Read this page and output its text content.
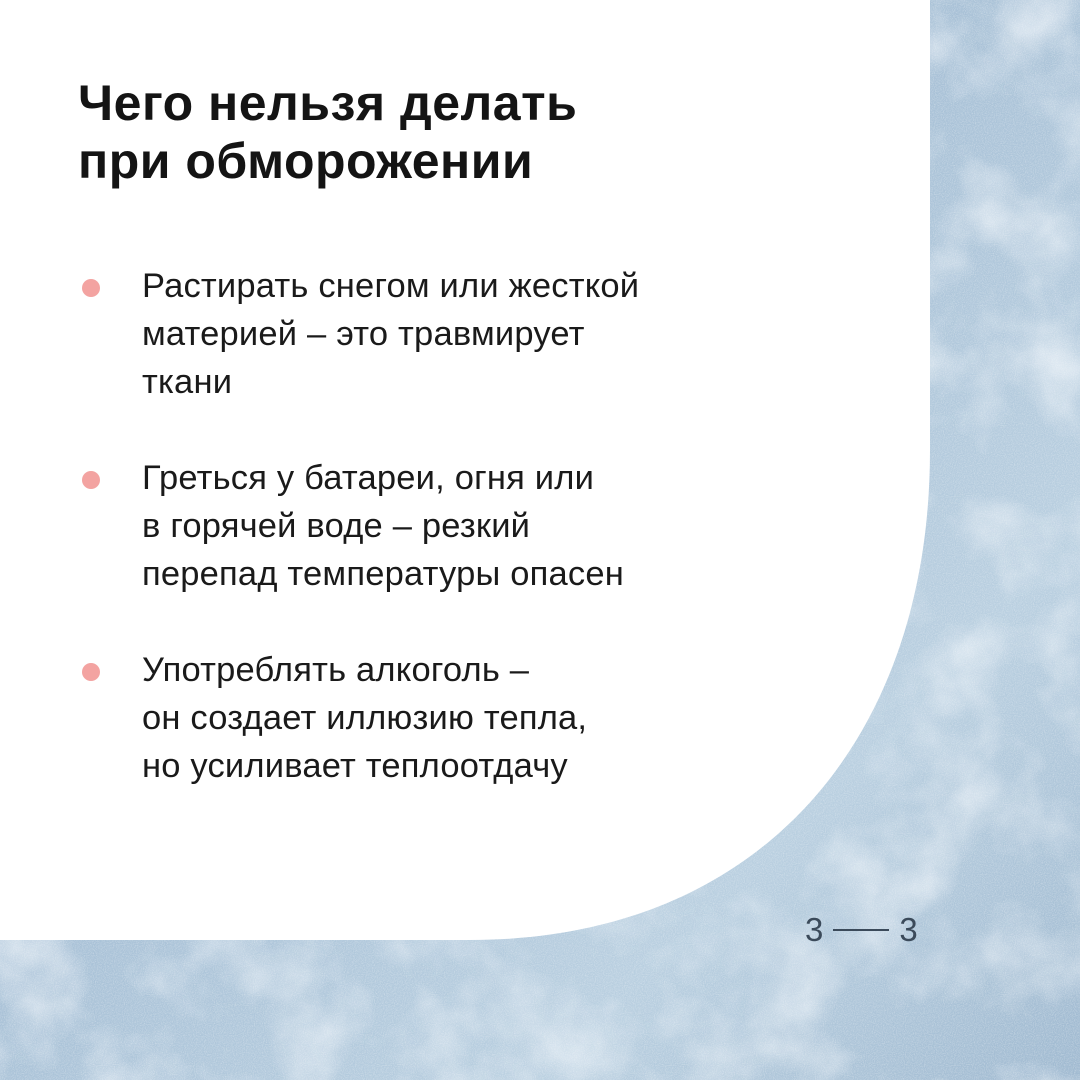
Чего нельзя делать
при обморожении
Растирать снегом или жесткой
материей – это травмирует
ткани
Греться у батареи, огня или
в горячей воде – резкий
перепад температуры опасен
Употреблять алкоголь –
он создает иллюзию тепла,
но усиливает теплоотдачу
3 3
